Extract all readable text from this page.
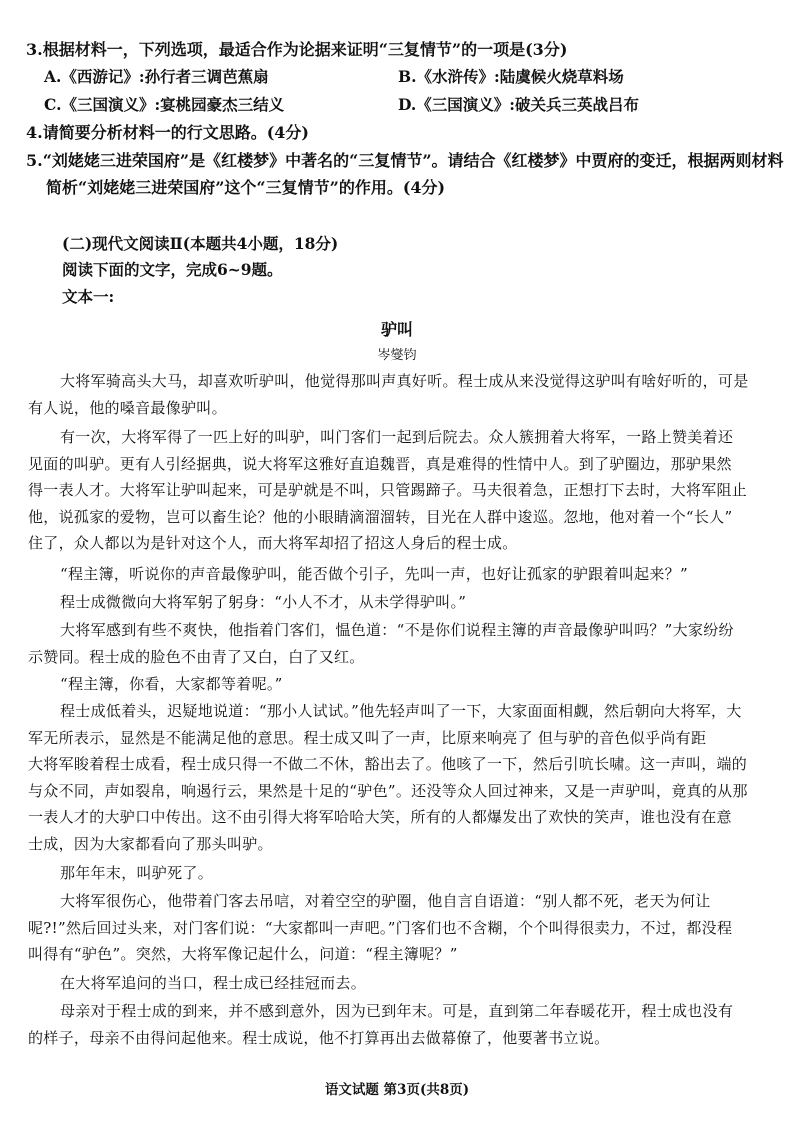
3.根据材料一，下列选项，最适合作为论据来证明“三复情节”的一项是(3分)
A.《西游记》:孙行者三调芭蕉扇	B.《水浒传》:陆虞候火烧草料场
C.《三国演义》:宴桃园豪杰三结义	D.《三国演义》:破关兵三英战吕布
4.请简要分析材料一的行文思路。(4分)
5.“刘姥姥三进荣国府”是《红楼梦》中著名的“三复情节”。请结合《红楼梦》中贾府的变迁，根据两则材料
简析“刘姥姥三进荣国府”这个“三复情节”的作用。(4分)
(二)现代文阅读Ⅱ(本题共4小题，18分)
阅读下面的文字，完成6~9题。
文本一:
驴叫
岑燮钧
大将军骑高头大马，却喜欢听驴叫，他觉得那叫声真好听。程士成从来没觉得这驴叫有啥好听的，可是
有人说，他的嗓音最像驴叫。
有一次，大将军得了一匹上好的叫驴，叫门客们一起到后院去。众人簇拥着大将军，一路上赞美着还
见面的叫驴。更有人引经据典，说大将军这雅好直追魏晋，真是难得的性情中人。到了驴圈边，那驴果然
得一表人才。大将军让驴叫起来，可是驴就是不叫，只管踢蹄子。马夫很着急，正想打下去时，大将军阻止
他，说孤家的爱物，岂可以畜生论？他的小眼睛滴溜溜转，目光在人群中逡巡。忽地，他对着一个“长人”
住了，众人都以为是针对这个人，而大将军却招了招这人身后的程士成。
“程主簿，听说你的声音最像驴叫，能否做个引子，先叫一声，也好让孤家的驴跟着叫起来？”
程士成微微向大将军躬了躬身：“小人不才，从未学得驴叫。”
大将军感到有些不爽快，他指着门客们，愠色道：“不是你们说程主簿的声音最像驴叫吗？”大家纷纷
示赞同。程士成的脸色不由青了又白，白了又红。
“程主簿，你看，大家都等着呢。”
程士成低着头，迟疑地说道：“那小人试试。”他先轻声叫了一下，大家面面相觑，然后朝向大将军，大
军无所表示，显然是不能满足他的意思。程士成又叫了一声，比原来响亮了 但与驴的音色似乎尚有距
大将军睃着程士成看，程士成只得一不做二不休，豁出去了。他咳了一下，然后引吭长啸。这一声叫，端的
与众不同，声如裂帛，响遏行云，果然是十足的“驴色”。还没等众人回过神来，又是一声驴叫，竟真的从那
一表人才的大驴口中传出。这不由引得大将军哈哈大笑，所有的人都爆发出了欢快的笑声，谁也没有在意
士成，因为大家都看向了那头叫驴。
那年年末，叫驴死了。
大将军很伤心，他带着门客去吊唁，对着空空的驴圈，他自言自语道：“别人都不死，老天为何让
呢?!”然后回过头来，对门客们说：“大家都叫一声吧。”门客们也不含糊，个个叫得很卖力，不过，都没程
叫得有“驴色”。突然，大将军像记起什么，问道：“程主簿呢？”
在大将军追问的当口，程士成已经挂冠而去。
母亲对于程士成的到来，并不感到意外，因为已到年末。可是，直到第二年春暖花开，程士成也没有
的样子，母亲不由得问起他来。程士成说，他不打算再出去做幕僚了，他要著书立说。
语文试题 第3页(共8页)
